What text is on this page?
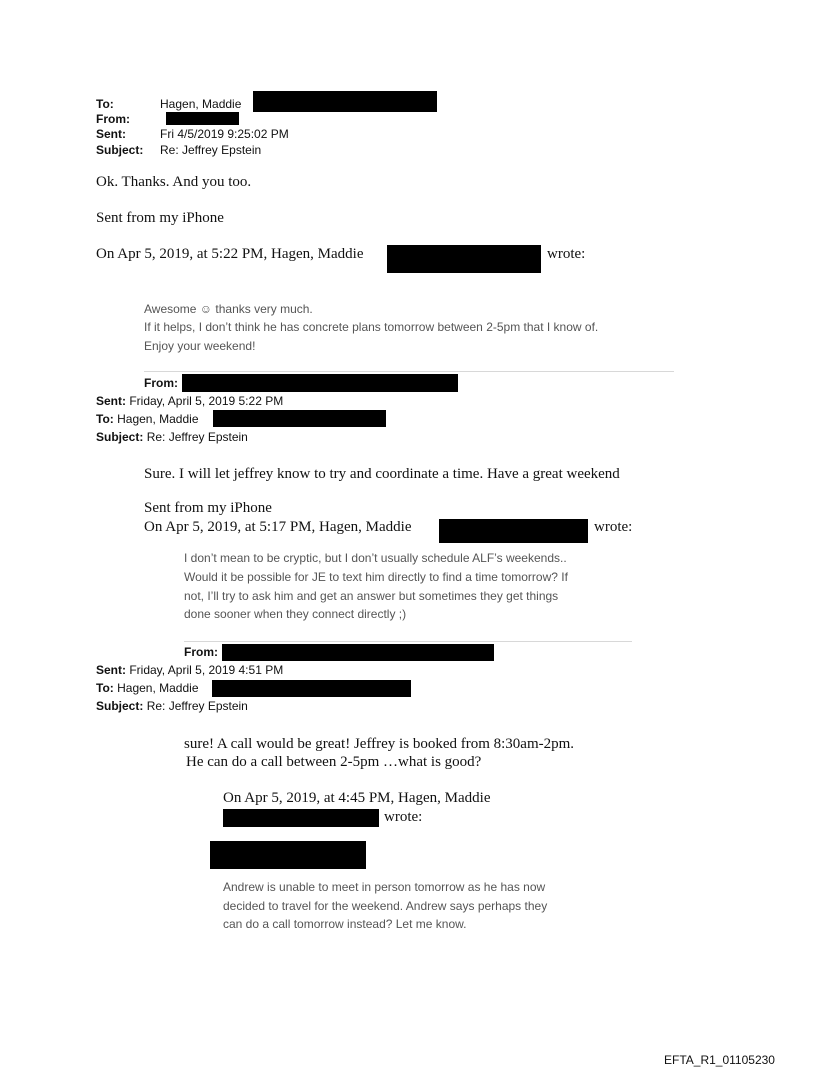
To:	Hagen, Maddie
From:
Sent:	Fri 4/5/2019 9:25:02 PM
Subject: Re: Jeffrey Epstein
Ok. Thanks. And you too.
Sent from my iPhone
On Apr 5, 2019, at 5:22 PM, Hagen, Maddie	wrote:
Awesome ☺ thanks very much.
If it helps, I don’t think he has concrete plans tomorrow between 2-5pm that I know of.
Enjoy your weekend!
From:
Sent: Friday, April 5, 2019 5:22 PM
To: Hagen, Maddie
Subject: Re: Jeffrey Epstein
Sure. I will let jeffrey know to try and coordinate a time. Have a great weekend
Sent from my iPhone
On Apr 5, 2019, at 5:17 PM, Hagen, Maddie	wrote:
I don’t mean to be cryptic, but I don’t usually schedule ALF’s weekends..
Would it be possible for JE to text him directly to find a time tomorrow? If
not, I’ll try to ask him and get an answer but sometimes they get things
done sooner when they connect directly ;)
From:
Sent: Friday, April 5, 2019 4:51 PM
To: Hagen, Maddie
Subject: Re: Jeffrey Epstein
sure! A call would be great! Jeffrey is booked from 8:30am-2pm.
He can do a call between 2-5pm …what is good?
On Apr 5, 2019, at 4:45 PM, Hagen, Maddie
wrote:
Andrew is unable to meet in person tomorrow as he has now
decided to travel for the weekend. Andrew says perhaps they
can do a call tomorrow instead? Let me know.
EFTA_R1_01105230
